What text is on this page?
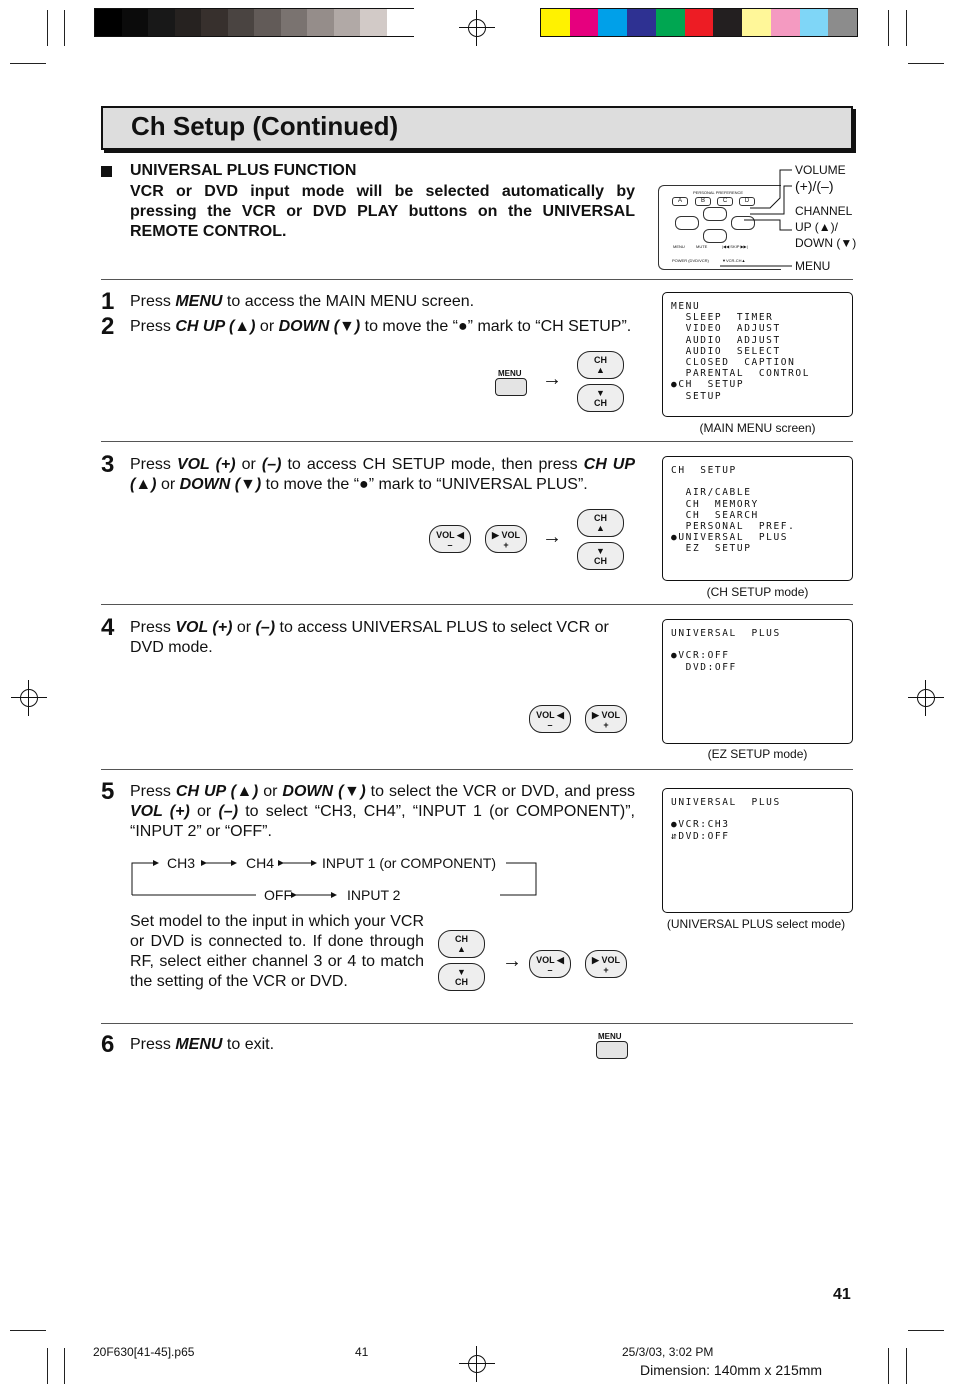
Ch Setup (Continued)
UNIVERSAL PLUS FUNCTION
VCR or DVD input mode will be selected automatically by pressing the VCR or DVD PLAY buttons on the UNIVERSAL REMOTE CONTROL.
PERSONAL PREFERENCE
A	B	C	D
MENU	MUTE	|◀◀ SKIP ▶▶|
POWER (DVD/VCR)	▼VCR-CH▲
VOLUME
(+)/(–)
CHANNEL
UP (▲)/
DOWN (▼)
MENU
1 Press MENU to access the MAIN MENU screen.
2 Press CH UP (▲) or DOWN (▼) to move the “●” mark to “CH SETUP”.
MENU →
CH
▲
▼
CH
MENU
SLEEP  TIMER
VIDEO  ADJUST
AUDIO  ADJUST
AUDIO  SELECT
CLOSED  CAPTION
PARENTAL  CONTROL
●CH  SETUP
SETUP
(MAIN MENU screen)
3 Press VOL (+) or (–) to access CH SETUP mode, then press CH UP (▲) or DOWN (▼) to move the “●” mark to “UNIVERSAL PLUS”.
VOL ◀
–
▶ VOL
+	→
CH
▲
▼
CH
CH  SETUP

AIR/CABLE
CH  MEMORY
CH  SEARCH
PERSONAL  PREF.
●UNIVERSAL  PLUS
EZ  SETUP
(CH SETUP mode)
4 Press VOL (+) or (–) to access UNIVERSAL PLUS to select VCR or DVD mode.
VOL ◀
–
▶ VOL
+
UNIVERSAL  PLUS

●VCR:OFF
DVD:OFF
(EZ SETUP mode)
5 Press CH UP (▲) or DOWN (▼) to select the VCR or DVD, and press VOL (+) or (–) to select “CH3, CH4”, “INPUT 1 (or COMPONENT)”, “INPUT 2” or “OFF”.
CH3	CH4	INPUT 1 (or COMPONENT)
OFF	INPUT 2
Set model to the input in which your VCR or DVD is connected to. If done through RF, select either channel 3 or 4 to match the setting of the VCR or DVD.
CH
▲
▼
CH
→	VOL ◀
–
▶ VOL
+
UNIVERSAL  PLUS

●VCR:CH3
⇵DVD:OFF
(UNIVERSAL PLUS select mode)
6 Press MENU to exit.	MENU
41
20F630[41-45].p65	41	25/3/03, 3:02 PM
Dimension: 140mm x 215mm
